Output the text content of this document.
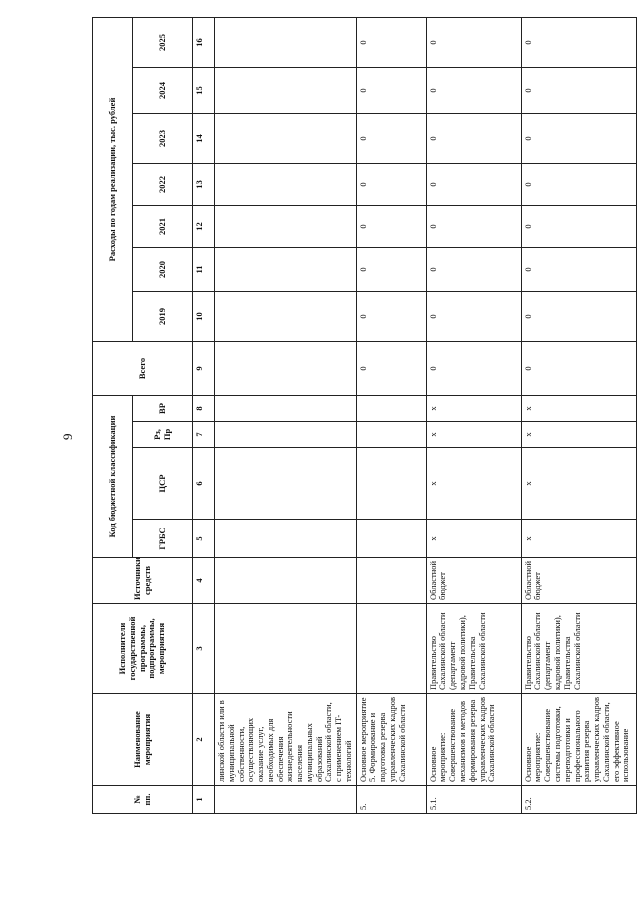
9
№ пп.	Наименование мероприятия	Исполнители государственной программы, подпрограммы, мероприятия	Источники средств	Код бюджетной классификации				Всего	Расходы по годам реализации, тыс. рублей						
				ГРБС	ЦСР	Рз, Пр	ВР		2019	2020	2021	2022	2023	2024	2025
1	2	3	4	5	6	7	8	9	10	11	12	13	14	15	16
	линской области или в муниципальной собственности, осуществляющих оказание услуг, необходимых для обеспечения жизнедеятельности населения муниципальных образований Сахалинской области, с применением IT-технологий														
5.	Основное мероприятие 5. Формирование и подготовка резерва управленческих кадров Сахалинской области							0	0	0	0	0	0	0	0
5.1.	Основное мероприятие: Совершенствование механизмов и методов формирования резерва управленческих кадров Сахалинской области	Правительство Сахалинской области (департамент кадровой политики), Правительства Сахалинской области	Областной бюджет	x	x	x	x	0	0	0	0	0	0	0	0
5.2.	Основное мероприятие: Совершенствование системы подготовки, переподготовки и профессионального развития резерва управленческих кадров Сахалинской области, его эффективное использование	Правительство Сахалинской области (департамент кадровой политики), Правительства Сахалинской области	Областной бюджет	x	x	x	x	0	0	0	0	0	0	0	0
